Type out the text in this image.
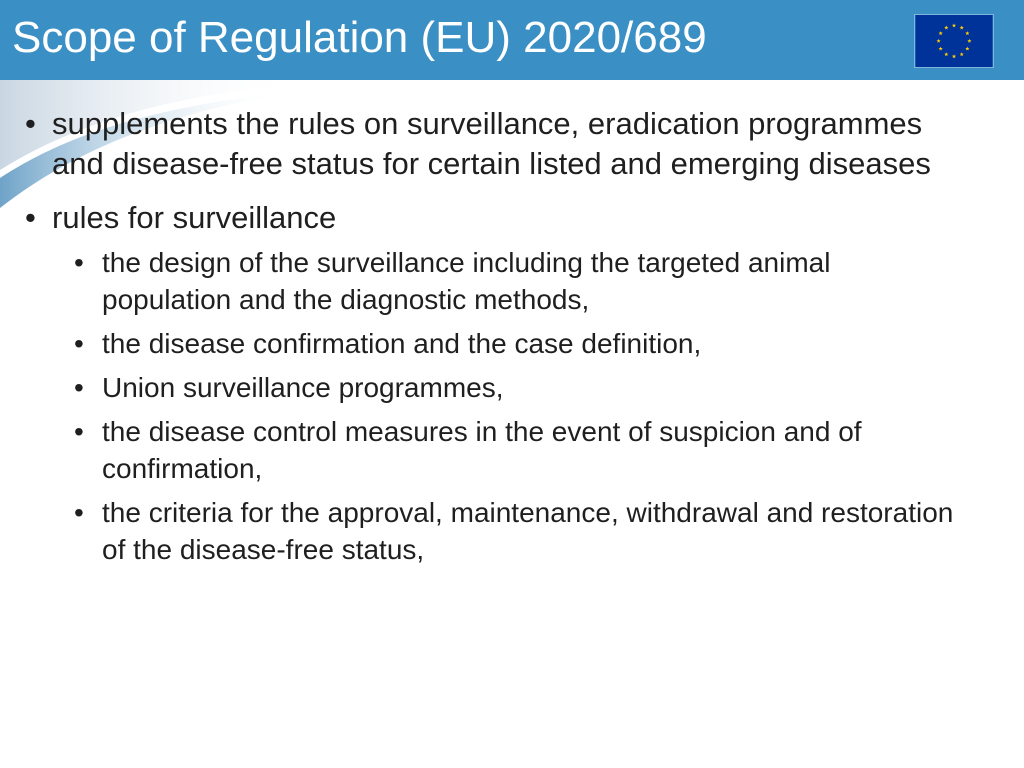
Scope of Regulation (EU) 2020/689
• supplements the rules on surveillance, eradication programmes and disease-free status for certain listed and emerging diseases
• rules for surveillance
• the design of the surveillance including the targeted animal population and the diagnostic methods,
• the disease confirmation and the case definition,
• Union surveillance programmes,
• the disease control measures in the event of suspicion and of confirmation,
• the criteria for the approval, maintenance, withdrawal and restoration of the disease-free status,
